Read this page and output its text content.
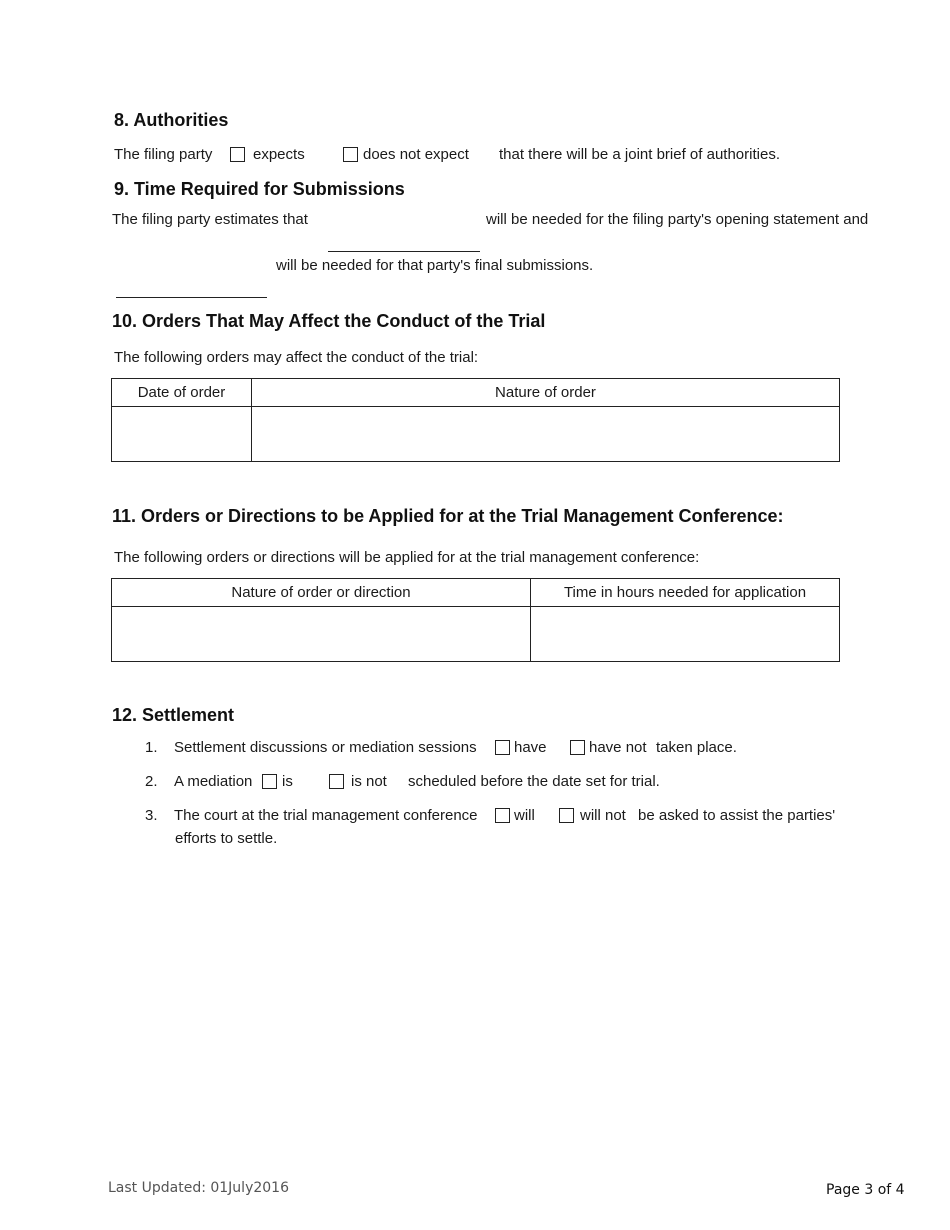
8. Authorities
The filing party	expects	does not expect that there will be a joint brief of authorities.
9. Time Required for Submissions
The filing party estimates that	will be needed for the filing party's opening statement and
will be needed for that party's final submissions.
10. Orders That May Affect the Conduct of the Trial
The following orders may affect the conduct of the trial:
Date of order	Nature of order

11. Orders or Directions to be Applied for at the Trial Management Conference:
The following orders or directions will be applied for at the trial management conference:
Nature of order or direction	Time in hours needed for application

12. Settlement
1. Settlement discussions or mediation sessions have	have not taken place.
2. A mediation is	is not scheduled before the date set for trial.
3. The court at the trial management conference will	will not be asked to assist the parties'
efforts to settle.
Last Updated: 01July2016	Page 3 of 4
